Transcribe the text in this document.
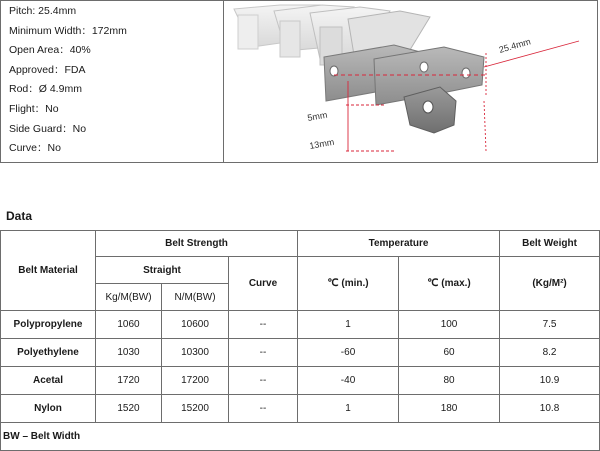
Pitch: 25.4mm
Minimum Width：172mm
Open Area：40%
Approved：FDA
Rod：Ø 4.9mm
Flight：No
Side Guard：No
Curve：No
25.4mm
5mm
13mm
Data
Belt Material	Belt Strength			Temperature		Belt Weight
	Straight		Curve	℃ (min.)	℃ (max.)	(Kg/M²)
	Kg/M(BW)	N/M(BW)				
Polypropylene	1060	10600	--	1	100	7.5
Polyethylene	1030	10300	--	-60	60	8.2
Acetal	1720	17200	--	-40	80	10.9
Nylon	1520	15200	--	1	180	10.8
BW – Belt Width						
